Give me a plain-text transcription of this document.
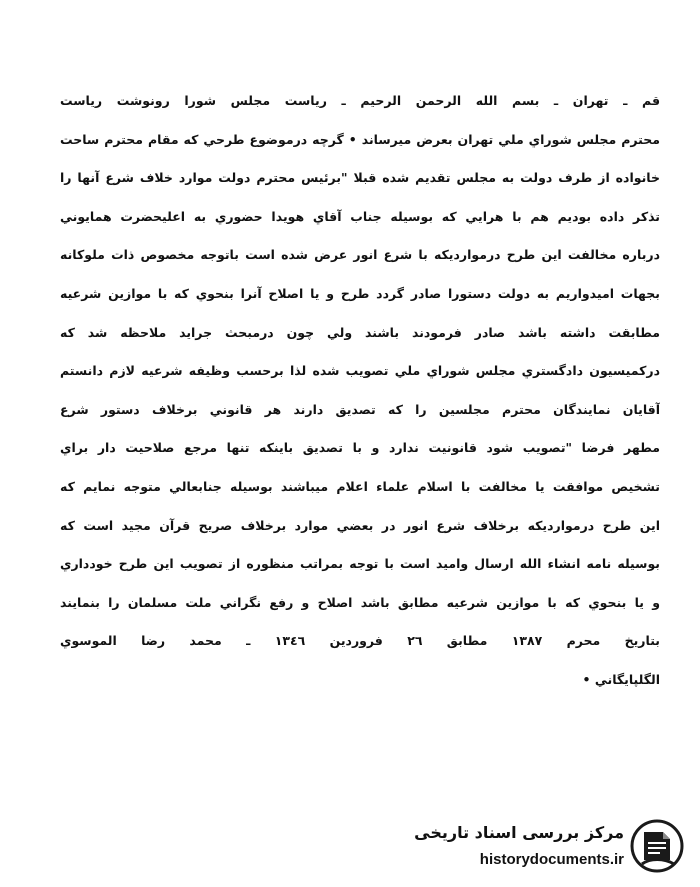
قم ـ تهران ـ بسم الله الرحمن الرحيم ـ رياست مجلس شورا رونوشت رياست
محترم مجلس شوراي ملي تهران بعرض ميرساند • گرچه درموضوع طرحي كه مقام محترم ساحت
خانواده از طرف دولت به مجلس تقديم شده قبلا "برئيس محترم دولت موارد خلاف شرع آنها را
تذكر داده بوديم هم با هرايي كه بوسيله جناب آقاي هويدا حضوري به اعليحضرت همايوني
درباره مخالفت اين طرح درموارديكه با شرع انور عرض شده است باتوجه مخصوص ذات ملوكانه
بجهات اميدواريم به دولت دستورا صادر گردد طرح و يا اصلاح آنرا بنحوي كه با موازين شرعيه
مطابقت داشته باشد صادر فرمودند باشند ولي چون درمبحث جرايد ملاحظه شد كه
دركميسيون دادگستري مجلس شوراي ملي تصويب شده لذا برحسب وظيفه شرعيه لازم دانستم
آقايان نمايندگان محترم مجلسين را كه تصديق دارند هر قانوني برخلاف دستور شرع
مطهر فرضا "تصويب شود قانونيت ندارد و با تصديق باينكه تنها مرجع صلاحيت دار براي
تشخيص موافقت يا مخالفت با اسلام علماء اعلام ميباشند بوسيله جنابعالي متوجه نمايم كه
اين طرح درموارديكه برخلاف شرع انور در بعضي موارد برخلاف صريح قرآن مجيد است كه
بوسيله نامه انشاء الله ارسال واميد است با توجه بمراتب منظوره از تصويب اين طرح خودداري
و يا بنحوي كه با موازين شرعيه مطابق باشد اصلاح و رفع نگراني ملت مسلمان را بنمايند
بتاريخ محرم ١٣٨٧ مطابق ٢٦ فروردين ١٣٤٦ ـ محمد رضا الموسوي
الگلپايگاني •
مرکز بررسی اسناد تاریخی
historydocuments.ir
